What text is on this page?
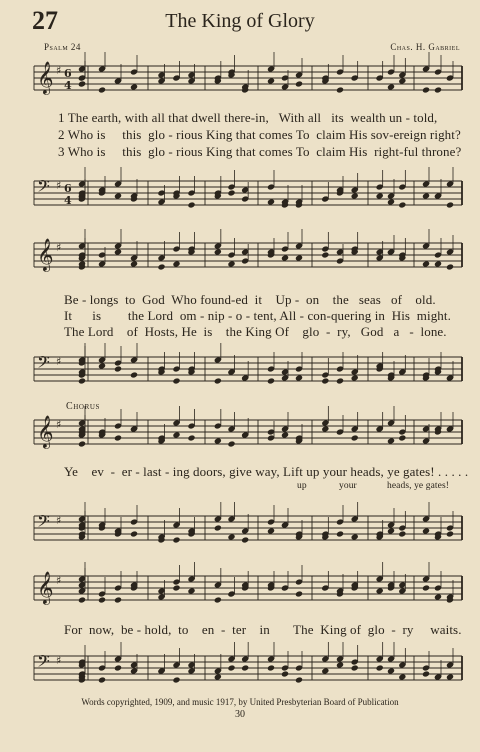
27	The King of Glory
Psalm 24	Chas. H. Gabriel
𝄞 ♯ 6
4
𝄢 ♯ 6
4
𝄞 ♯
𝄢 ♯
𝄞 ♯
𝄢 ♯
𝄞 ♯
𝄢 ♯
1 The earth, with all that dwell there-in,   With all   its  wealth un - told,
2 Who is     this  glo - rious King that comes To  claim His sov-ereign right?
3 Who is     this  glo - rious King that comes To  claim His  right-ful throne?
Be - longs  to  God  Who found-ed  it    Up -  on    the   seas   of    old.
It      is        the Lord  om - nip - o - tent, All - con-quering in  His  might.
The Lord    of  Hosts, He  is    the King Of    glo  -  ry,   God   a   -  lone.
Chorus
Ye    ev  -  er - last - ing doors, give way, Lift up your heads, ye gates! . . . . .
up	your	heads, ye gates!
For  now,  be - hold,  to    en  -  ter    in       The  King of  glo  -  ry     waits.
Words copyrighted, 1909, and music 1917, by United Presbyterian Board of Publication
30
